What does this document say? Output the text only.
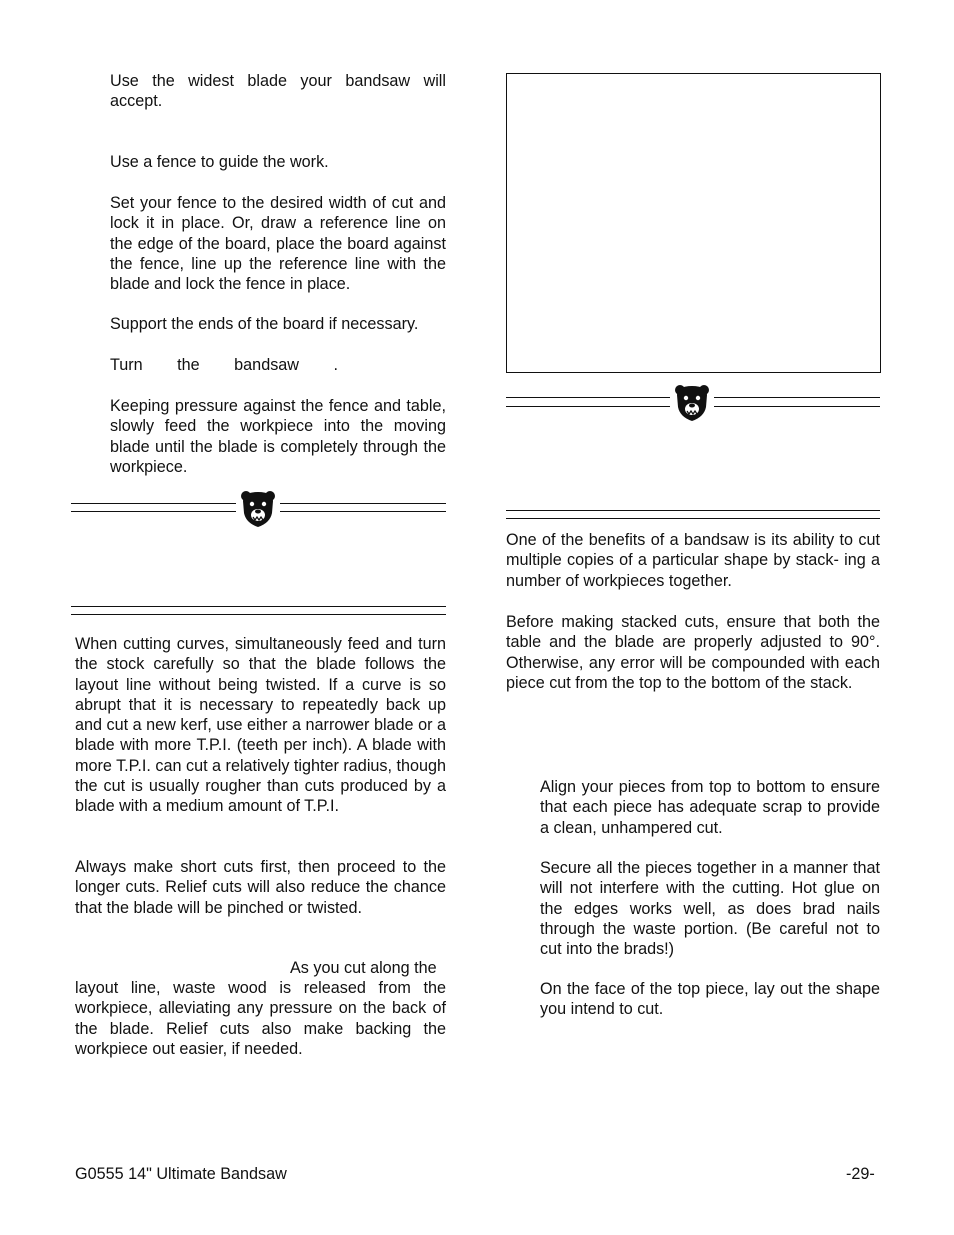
Use the widest blade your bandsaw will accept.

Use a fence to guide the work.

Set your fence to the desired width of cut and lock it in place. Or, draw a reference line on the edge of the board, place the board against the fence, line up the reference line with the blade and lock the fence in place.

Support the ends of the board if necessary.

Turn the bandsaw .

Keeping pressure against the fence and table, slowly feed the workpiece into the moving blade until the blade is completely through the workpiece.

When cutting curves, simultaneously feed and turn the stock carefully so that the blade follows the layout line without being twisted. If a curve is so abrupt that it is necessary to repeatedly back up and cut a new kerf, use either a narrower blade or a blade with more T.P.I. (teeth per inch). A blade with more T.P.I. can cut a relatively tighter radius, though the cut is usually rougher than cuts produced by a blade with a medium amount of T.P.I.

Always make short cuts first, then proceed to the longer cuts. Relief cuts will also reduce the chance that the blade will be pinched or twisted.

As you cut along the

layout line, waste wood is released from the workpiece, alleviating any pressure on the back of the blade. Relief cuts also make backing the workpiece out easier, if needed.

One of the benefits of a bandsaw is its ability to cut multiple copies of a particular shape by stack- ing a number of workpieces together.

Before making stacked cuts, ensure that both the table and the blade are properly adjusted to 90°. Otherwise, any error will be compounded with each piece cut from the top to the bottom of the stack.

Align your pieces from top to bottom to ensure that each piece has adequate scrap to provide a clean, unhampered cut.

Secure all the pieces together in a manner that will not interfere with the cutting. Hot glue on the edges works well, as does brad nails through the waste portion. (Be careful not to cut into the brads!)

On the face of the top piece, lay out the shape you intend to cut.

G0555 14" Ultimate Bandsaw	-29-
